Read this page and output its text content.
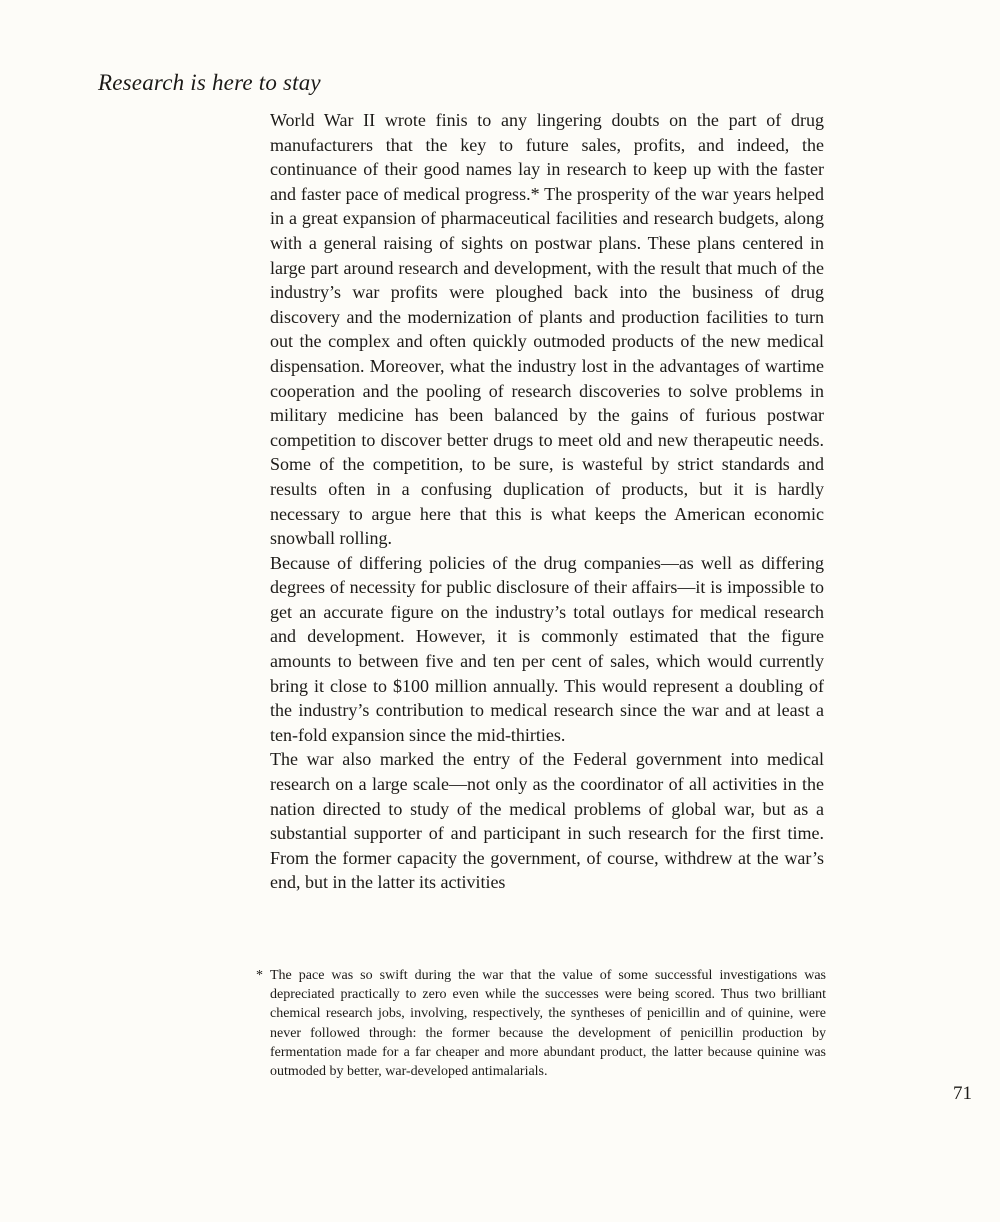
Research is here to stay

World War II wrote finis to any lingering doubts on the part of drug manufacturers that the key to future sales, profits, and indeed, the continuance of their good names lay in research to keep up with the faster and faster pace of medical progress.* The prosperity of the war years helped in a great expansion of pharmaceutical facilities and research budgets, along with a general raising of sights on postwar plans. These plans centered in large part around research and development, with the result that much of the industry’s war profits were ploughed back into the business of drug discovery and the modernization of plants and production facilities to turn out the complex and often quickly outmoded products of the new medical dispensation. Moreover, what the industry lost in the advantages of wartime cooperation and the pooling of research discoveries to solve problems in military medicine has been balanced by the gains of furious postwar competition to discover better drugs to meet old and new therapeutic needs. Some of the competition, to be sure, is wasteful by strict standards and results often in a confusing duplication of products, but it is hardly necessary to argue here that this is what keeps the American economic snowball rolling.

Because of differing policies of the drug companies—as well as differing degrees of necessity for public disclosure of their affairs—it is impossible to get an accurate figure on the industry’s total outlays for medical research and development. However, it is commonly estimated that the figure amounts to between five and ten per cent of sales, which would currently bring it close to $100 million annually. This would represent a doubling of the industry’s contribution to medical research since the war and at least a ten-fold expansion since the mid-thirties.

The war also marked the entry of the Federal government into medical research on a large scale—not only as the coordinator of all activities in the nation directed to study of the medical problems of global war, but as a substantial supporter of and participant in such research for the first time. From the former capacity the government, of course, withdrew at the war’s end, but in the latter its activities

* The pace was so swift during the war that the value of some successful investigations was depreciated practically to zero even while the successes were being scored. Thus two brilliant chemical research jobs, involving, respectively, the syntheses of penicillin and of quinine, were never followed through: the former because the development of penicillin production by fermentation made for a far cheaper and more abundant product, the latter because quinine was outmoded by better, war-developed antimalarials.

71
